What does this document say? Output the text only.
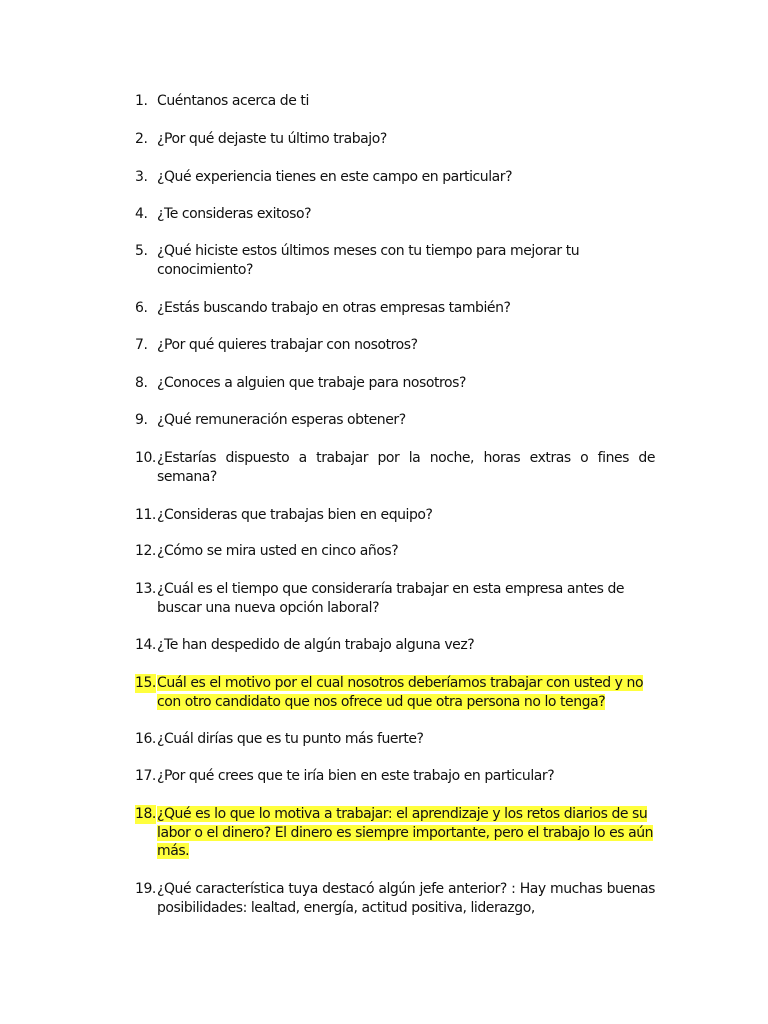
1. Cuéntanos acerca de ti
2. ¿Por qué dejaste tu último trabajo?
3. ¿Qué experiencia tienes en este campo en particular?
4. ¿Te consideras exitoso?
5. ¿Qué hiciste estos últimos meses con tu tiempo para mejorar tu conocimiento?
6. ¿Estás buscando trabajo en otras empresas también?
7. ¿Por qué quieres trabajar con nosotros?
8. ¿Conoces a alguien que trabaje para nosotros?
9. ¿Qué remuneración esperas obtener?
10. ¿Estarías dispuesto a trabajar por la noche, horas extras o fines de semana?
11. ¿Consideras que trabajas bien en equipo?
12. ¿Cómo se mira usted en cinco años?
13. ¿Cuál es el tiempo que consideraría trabajar en esta empresa antes de buscar una nueva opción laboral?
14. ¿Te han despedido de algún trabajo alguna vez?
15. Cuál es el motivo por el cual nosotros deberíamos trabajar con usted y no con otro candidato que nos ofrece ud que otra persona no lo tenga?
16. ¿Cuál dirías que es tu punto más fuerte?
17. ¿Por qué crees que te iría bien en este trabajo en particular?
18. ¿Qué es lo que lo motiva a trabajar: el aprendizaje y los retos diarios de su labor o el dinero? El dinero es siempre importante, pero el trabajo lo es aún más.
19. ¿Qué característica tuya destacó algún jefe anterior? : Hay muchas buenas posibilidades: lealtad, energía, actitud positiva, liderazgo,
